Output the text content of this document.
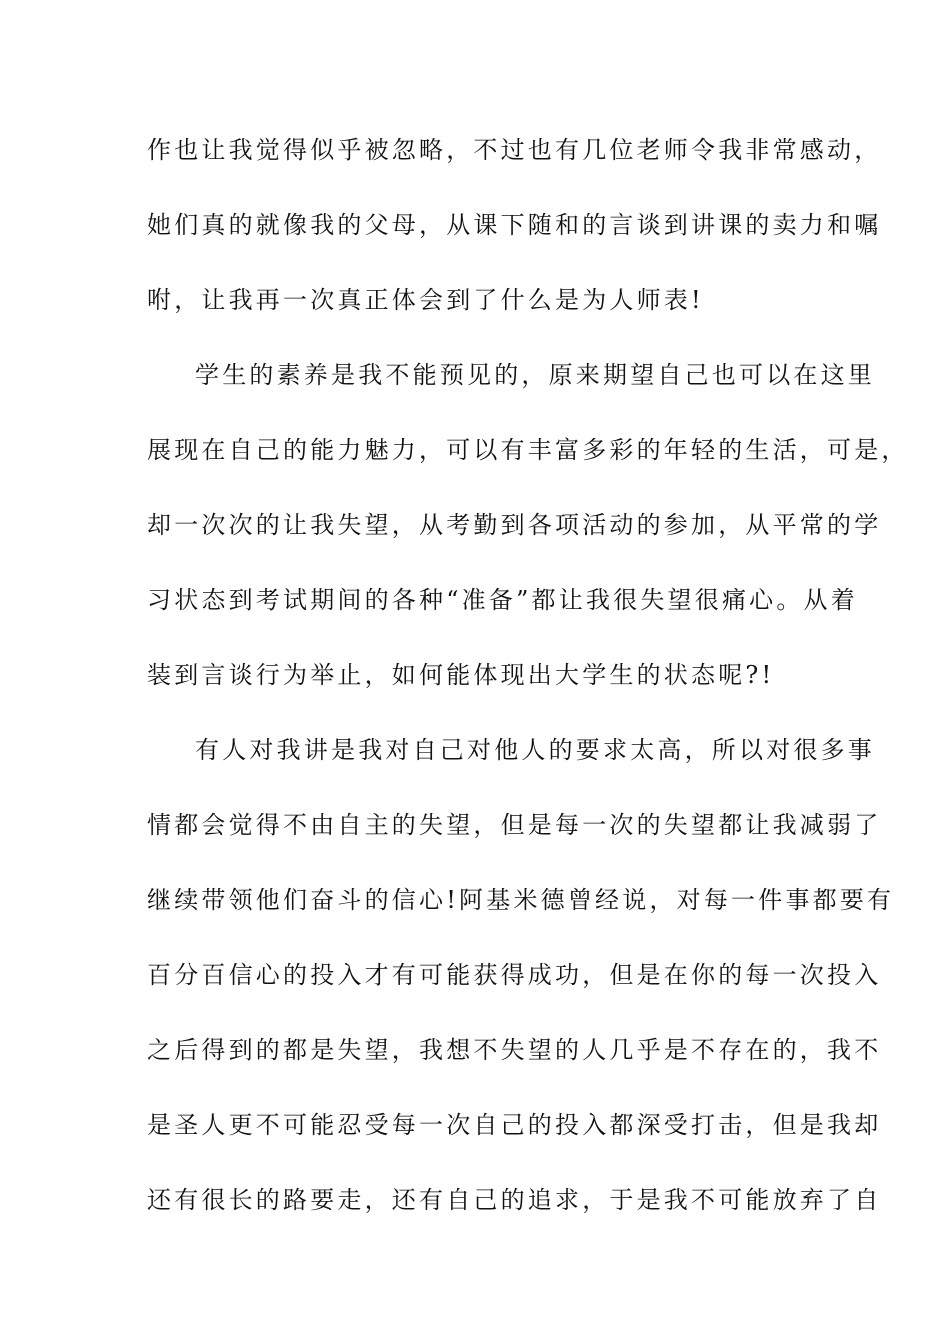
作也让我觉得似乎被忽略，不过也有几位老师令我非常感动，
她们真的就像我的父母，从课下随和的言谈到讲课的卖力和嘱
咐，让我再一次真正体会到了什么是为人师表!
学生的素养是我不能预见的，原来期望自己也可以在这里
展现在自己的能力魅力，可以有丰富多彩的年轻的生活，可是，
却一次次的让我失望，从考勤到各项活动的参加，从平常的学
习状态到考试期间的各种“准备”都让我很失望很痛心。从着
装到言谈行为举止，如何能体现出大学生的状态呢?!
有人对我讲是我对自己对他人的要求太高，所以对很多事
情都会觉得不由自主的失望，但是每一次的失望都让我减弱了
继续带领他们奋斗的信心!阿基米德曾经说，对每一件事都要有
百分百信心的投入才有可能获得成功，但是在你的每一次投入
之后得到的都是失望，我想不失望的人几乎是不存在的，我不
是圣人更不可能忍受每一次自己的投入都深受打击，但是我却
还有很长的路要走，还有自己的追求，于是我不可能放弃了自
